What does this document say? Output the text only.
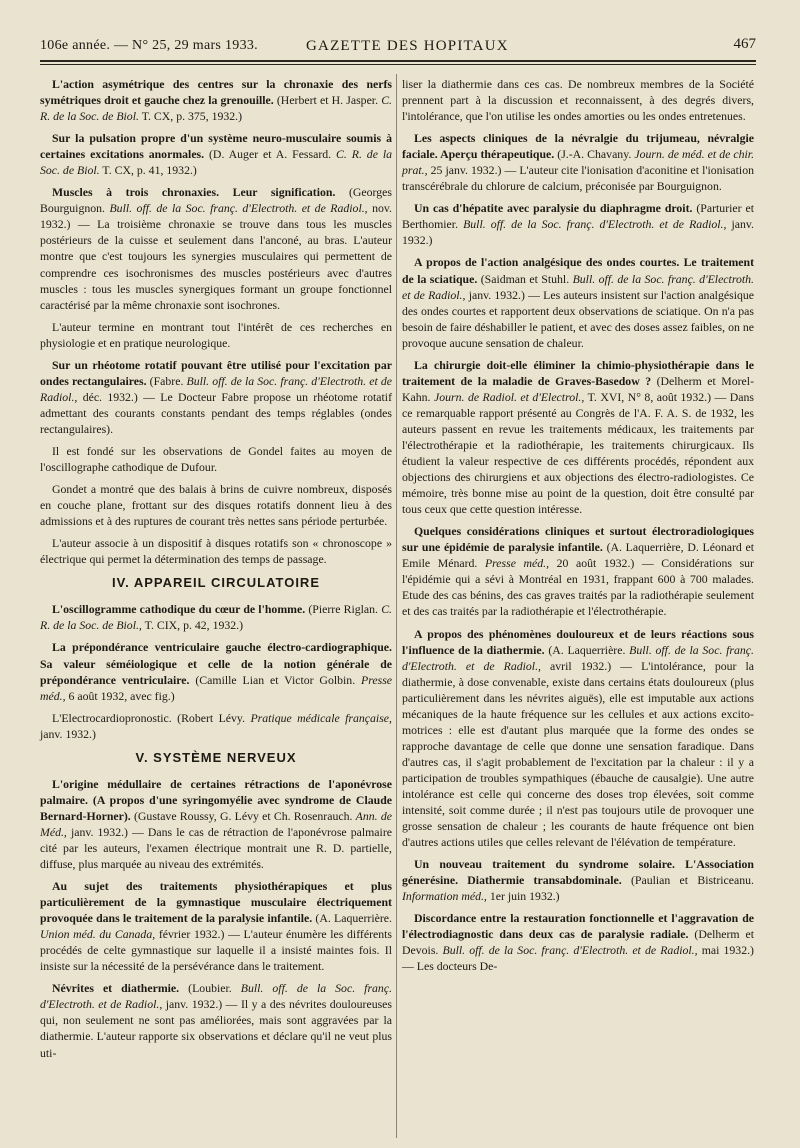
106e année. — N° 25, 29 mars 1933.	GAZETTE DES HOPITAUX	467

L'action asymétrique des centres sur la chronaxie des nerfs symétriques droit et gauche chez la grenouille. (Herbert et H. Jasper. C. R. de la Soc. de Biol. T. CX, p. 375, 1932.)

Sur la pulsation propre d'un système neuro-musculaire soumis à certaines excitations anormales. (D. Auger et A. Fessard. C. R. de la Soc. de Biol. T. CX, p. 41, 1932.)

Muscles à trois chronaxies. Leur signification. (Georges Bourguignon. Bull. off. de la Soc. franç. d'Electroth. et de Radiol., nov. 1932.) — La troisième chronaxie se trouve dans tous les muscles postérieurs de la cuisse et seulement dans l'anconé, au bras. L'auteur montre que c'est toujours les synergies musculaires qui permettent de comprendre ces isochronismes des muscles postérieurs avec d'autres muscles : tous les muscles synergiques formant un groupe fonctionnel caractérisé par la même chronaxie sont isochrones.

L'auteur termine en montrant tout l'intérêt de ces recherches en physiologie et en pratique neurologique.

Sur un rhéotome rotatif pouvant être utilisé pour l'excitation par ondes rectangulaires. (Fabre. Bull. off. de la Soc. franç. d'Electroth. et de Radiol., déc. 1932.) — Le Docteur Fabre propose un rhéotome rotatif admettant des courants constants pendant des temps réglables (ondes rectangulaires).

Il est fondé sur les observations de Gondel faites au moyen de l'oscillographe cathodique de Dufour.

Gondet a montré que des balais à brins de cuivre nombreux, disposés en couche plane, frottant sur des disques rotatifs donnent lieu à des admissions et à des ruptures de courant très nettes sans période perturbée.

L'auteur associe à un dispositif à disques rotatifs son « chronoscope » électrique qui permet la détermination des temps de passage.

IV. APPAREIL CIRCULATOIRE

L'oscillogramme cathodique du cœur de l'homme. (Pierre Riglan. C. R. de la Soc. de Biol., T. CIX, p. 42, 1932.)

La prépondérance ventriculaire gauche électro-cardiographique. Sa valeur séméiologique et celle de la notion générale de prépondérance ventriculaire. (Camille Lian et Victor Golbin. Presse méd., 6 août 1932, avec fig.)

L'Electrocardiopronostic. (Robert Lévy. Pratique médicale française, janv. 1932.)

V. SYSTÈME NERVEUX

L'origine médullaire de certaines rétractions de l'aponévrose palmaire. (A propos d'une syringomyélie avec syndrome de Claude Bernard-Horner). (Gustave Roussy, G. Lévy et Ch. Rosenrauch. Ann. de Méd., janv. 1932.) — Dans le cas de rétraction de l'aponévrose palmaire cité par les auteurs, l'examen électrique montrait une R. D. partielle, diffuse, plus marquée au niveau des extrémités.

Au sujet des traitements physiothérapiques et plus particulièrement de la gymnastique musculaire électriquement provoquée dans le traitement de la paralysie infantile. (A. Laquerrière. Union méd. du Canada, février 1932.) — L'auteur énumère les différents procédés de celte gymnastique sur laquelle il a insisté maintes fois. Il insiste sur la nécessité de la persévérance dans le traitement.

Névrites et diathermie. (Loubier. Bull. off. de la Soc. franç. d'Electroth. et de Radiol., janv. 1932.) — Il y a des névrites douloureuses qui, non seulement ne sont pas améliorées, mais sont aggravées par la diathermie. L'auteur rapporte six observations et déclare qu'il ne veut plus uti-

liser la diathermie dans ces cas. De nombreux membres de la Société prennent part à la discussion et reconnaissent, à des degrés divers, l'intolérance, que l'on utilise les ondes amorties ou les ondes entretenues.

Les aspects cliniques de la névralgie du trijumeau, névralgie faciale. Aperçu thérapeutique. (J.-A. Chavany. Journ. de méd. et de chir. prat., 25 janv. 1932.) — L'auteur cite l'ionisation d'aconitine et l'ionisation transcérébrale du chlorure de calcium, préconisée par Bourguignon.

Un cas d'hépatite avec paralysie du diaphragme droit. (Parturier et Berthomier. Bull. off. de la Soc. franç. d'Electroth. et de Radiol., janv. 1932.)

A propos de l'action analgésique des ondes courtes. Le traitement de la sciatique. (Saidman et Stuhl. Bull. off. de la Soc. franç. d'Electroth. et de Radiol., janv. 1932.) — Les auteurs insistent sur l'action analgésique des ondes courtes et rapportent deux observations de sciatique. On n'a pas besoin de faire déshabiller le patient, et avec des doses assez faibles, on ne provoque aucune sensation de chaleur.

La chirurgie doit-elle éliminer la chimio-physiothérapie dans le traitement de la maladie de Graves-Basedow ? (Delherm et Morel-Kahn. Journ. de Radiol. et d'Electrol., T. XVI, N° 8, août 1932.) — Dans ce remarquable rapport présenté au Congrès de l'A. F. A. S. de 1932, les auteurs passent en revue les traitements médicaux, les traitements par l'électrothérapie et la radiothérapie, les traitements chirurgicaux. Ils étudient la valeur respective de ces différents procédés, répondent aux objections des chirurgiens et aux objections des électro-radiologistes. Ce mémoire, très bonne mise au point de la question, doit être consulté par tous ceux que cette question intéresse.

Quelques considérations cliniques et surtout électroradiologiques sur une épidémie de paralysie infantile. (A. Laquerrière, D. Léonard et Emile Ménard. Presse méd., 20 août 1932.) — Considérations sur l'épidémie qui a sévi à Montréal en 1931, frappant 600 à 700 malades. Etude des cas bénins, des cas graves traités par la radiothérapie seulement et des cas traités par la radiothérapie et l'électrothérapie.

A propos des phénomènes douloureux et de leurs réactions sous l'influence de la diathermie. (A. Laquerrière. Bull. off. de la Soc. franç. d'Electroth. et de Radiol., avril 1932.) — L'intolérance, pour la diathermie, à dose convenable, existe dans certains états douloureux (plus particulièrement dans les névrites aiguës), elle est imputable aux actions mécaniques de la haute fréquence sur les cellules et aux actions excito-motrices : elle est d'autant plus marquée que la forme des ondes se rapproche davantage de celle que donne une sensation faradique. Dans d'autres cas, il s'agit probablement de l'excitation par la chaleur : il y a participation de troubles sympathiques (ébauche de causalgie). Une autre intolérance est celle qui concerne des doses trop élevées, soit comme intensité, soit comme durée ; il n'est pas toujours utile de provoquer une grosse sensation de chaleur ; les courants de haute fréquence ont bien d'autres actions utiles que celles relevant de l'élévation de température.

Un nouveau traitement du syndrome solaire. L'Association génerésine. Diathermie transabdominale. (Paulian et Bistriceanu. Information méd., 1er juin 1932.)

Discordance entre la restauration fonctionnelle et l'aggravation de l'électrodiagnostic dans deux cas de paralysie radiale. (Delherm et Devois. Bull. off. de la Soc. franç. d'Electroth. et de Radiol., mai 1932.) — Les docteurs De-
